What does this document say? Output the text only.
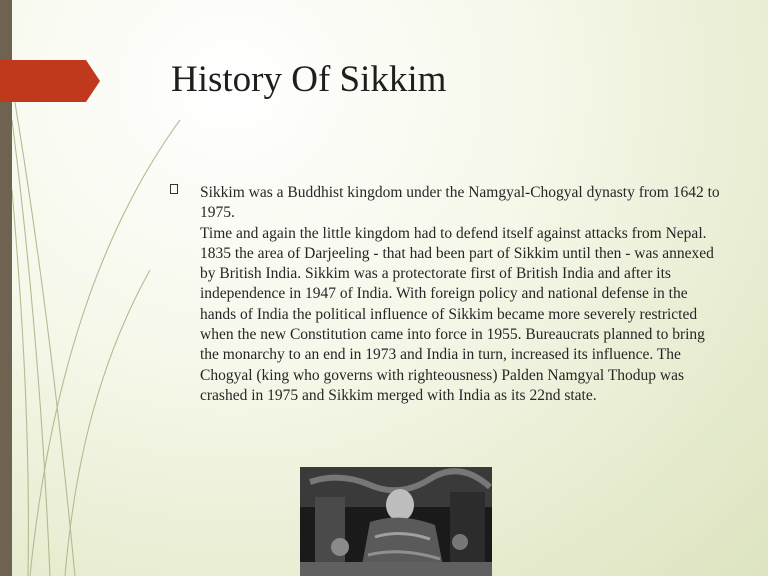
History Of Sikkim

Sikkim was a Buddhist kingdom under the Namgyal-Chogyal dynasty from 1642 to 1975.

Time and again the little kingdom had to defend itself against attacks from Nepal. 1835 the area of Darjeeling - that had been part of Sikkim until then - was annexed by British India. Sikkim was a protectorate first of British India and after its independence in 1947 of India. With foreign policy and national defense in the hands of India the political influence of Sikkim became more severely restricted when the new Constitution came into force in 1955. Bureaucrats planned to bring the monarchy to an end in 1973 and India in turn, increased its influence. The Chogyal (king who governs with righteousness) Palden Namgyal Thodup was crashed in 1975 and Sikkim merged with India as its 22nd state.
